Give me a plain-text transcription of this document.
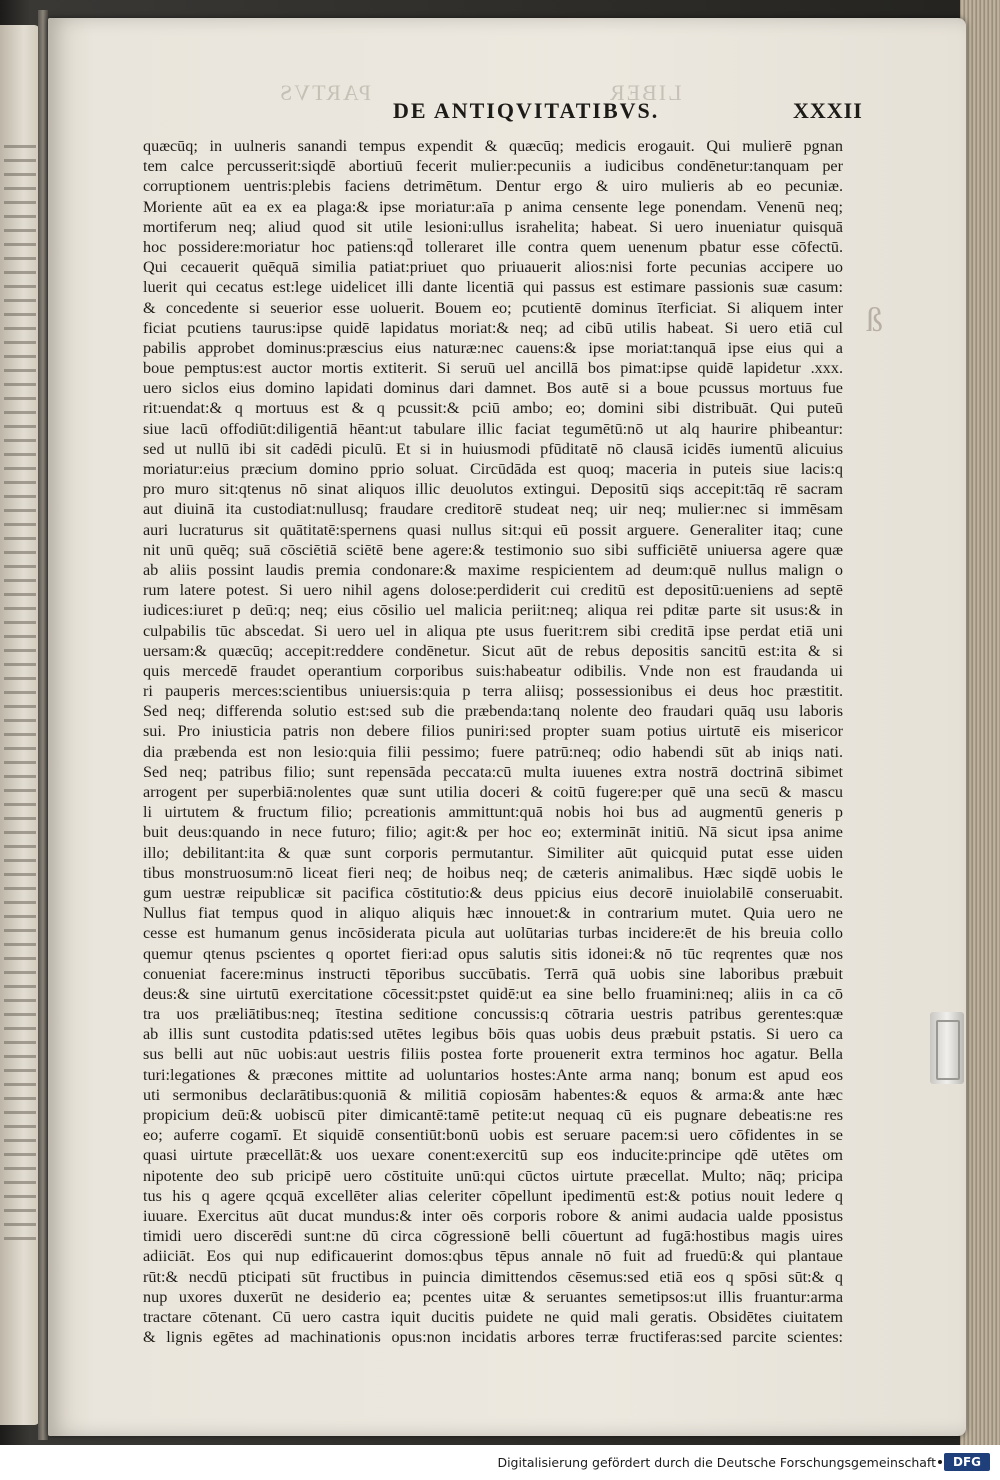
PARTVS	LIBER
DE ANTIQVITATIBVS.	XXXII
quæcūq; in uulneris sanandi tempus expendit & quæcūq; medicis erogauit. Qui mulierē pgnan
tem calce percusserit:siqdē abortiuū fecerit mulier:pecuniis a iudicibus condēnetur:tanquam per
corruptionem uentris:plebis faciens detrimētum. Dentur ergo & uiro mulieris ab eo pecuniæ.
Moriente aūt ea ex ea plaga:& ipse moriatur:aīa p anima censente lege ponendam. Venenū neq;
mortiferum neq; aliud quod sit utile lesioni:ullus israhelita; habeat. Si uero inueniatur quisquā
hoc possidere:moriatur hoc patiens:qd̄ tolleraret ille contra quem uenenum pbatur esse cōfectū.
Qui cecauerit quēquā similia patiat:priuet quo priuauerit alios:nisi forte pecunias accipere uo
luerit qui cecatus est:lege uidelicet illi dante licentiā qui passus est estimare passionis suæ casum:
& concedente si seuerior esse uoluerit. Bouem eo; pcutientē dominus īterficiat. Si aliquem inter
ficiat pcutiens taurus:ipse quidē lapidatus moriat:& neq; ad cibū utilis habeat. Si uero etiā cul
pabilis approbet dominus:præscius eius naturæ:nec cauens:& ipse moriat:tanquā ipse eius qui a
boue pemptus:est auctor mortis extiterit. Si seruū uel ancillā bos pimat:ipse quidē lapidetur .xxx.
uero siclos eius domino lapidati dominus dari damnet. Bos autē si a boue pcussus mortuus fue
rit:uendat:& q mortuus est & q pcussit:& pciū ambo; eo; domini sibi distribuāt. Qui puteū
siue lacū offodiūt:diligentiā hēant:ut tabulare illic faciat tegumētū:nō ut alq haurire phibeantur:
sed ut nullū ibi sit cadēdi piculū. Et si in huiusmodi pfūditatē nō clausā icidēs iumentū alicuius
moriatur:eius præcium domino pprio soluat. Circūdāda est quoq; maceria in puteis siue lacis:q
pro muro sit:qtenus nō sinat aliquos illic deuolutos extingui. Depositū siqs accepit:tāq rē sacram
aut diuinā ita custodiat:nullusq; fraudare creditorē studeat neq; uir neq; mulier:nec si immēsam
auri lucraturus sit quātitatē:spernens quasi nullus sit:qui eū possit arguere. Generaliter itaq; cune
nit unū quēq; suā cōsciētiā sciētē bene agere:& testimonio suo sibi sufficiētē uniuersa agere quæ
ab aliis possint laudis premia condonare:& maxime respicientem ad deum:quē nullus malign o
rum latere potest. Si uero nihil agens dolose:perdiderit cui creditū est depositū:ueniens ad septē
iudices:iuret p deū:q; neq; eius cōsilio uel malicia periit:neq; aliqua rei pditæ parte sit usus:& in
culpabilis tūc abscedat. Si uero uel in aliqua pte usus fuerit:rem sibi creditā ipse perdat etiā uni
uersam:& quæcūq; accepit:reddere condēnetur. Sicut aūt de rebus depositis sancitū est:ita & si
quis mercedē fraudet operantium corporibus suis:habeatur odibilis. Vnde non est fraudanda ui
ri pauperis merces:scientibus uniuersis:quia p terra aliisq; possessionibus ei deus hoc præstitit.
Sed neq; differenda solutio est:sed sub die præbenda:tanq nolente deo fraudari quāq usu laboris
sui. Pro iniusticia patris non debere filios puniri:sed propter suam potius uirtutē eis misericor
dia præbenda est non lesio:quia filii pessimo; fuere patrū:neq; odio habendi sūt ab iniqs nati.
Sed neq; patribus filio; sunt repensāda peccata:cū multa iuuenes extra nostrā doctrinā sibimet
arrogent per superbiā:nolentes quæ sunt utilia doceri & coitū fugere:per quē una secū & mascu
li uirtutem & fructum filio; pcreationis ammittunt:quā nobis hoi bus ad augmentū generis p
buit deus:quando in nece futuro; filio; agit:& per hoc eo; extermināt initiū. Nā sicut ipsa anime
illo; debilitant:ita & quæ sunt corporis permutantur. Similiter aūt quicquid putat esse uiden
tibus monstruosum:nō liceat fieri neq; de hoibus neq; de cæteris animalibus. Hæc siqdē uobis le
gum uestræ reipublicæ sit pacifica cōstitutio:& deus ppicius eius decorē inuiolabilē conseruabit.
Nullus fiat tempus quod in aliquo aliquis hæc innouet:& in contrarium mutet. Quia uero ne
cesse est humanum genus incōsiderata picula aut uolūtarias turbas incidere:ēt de his breuia collo
quemur qtenus pscientes q oportet fieri:ad opus salutis sitis idonei:& nō tūc reqrentes quæ nos
conueniat facere:minus instructi tēporibus succūbatis. Terrā quā uobis sine laboribus præbuit
deus:& sine uirtutū exercitatione cōcessit:pstet quidē:ut ea sine bello fruamini:neq; aliis in ca cō
tra uos præliātibus:neq; ītestina seditione concussis:q cōtraria uestris patribus gerentes:quæ
ab illis sunt custodita pdatis:sed utētes legibus bōis quas uobis deus præbuit pstatis. Si uero ca
sus belli aut nūc uobis:aut uestris filiis postea forte prouenerit extra terminos hoc agatur. Bella
turi:legationes & præcones mittite ad uoluntarios hostes:Ante arma nanq; bonum est apud eos
uti sermonibus declarātibus:quoniā & militiā copiosām habentes:& equos & arma:& ante hæc
propicium deū:& uobiscū piter dimicantē:tamē petite:ut nequaq cū eis pugnare debeatis:ne res
eo; auferre cogamī. Et siquidē consentiūt:bonū uobis est seruare pacem:si uero cōfidentes in se
quasi uirtute præcellāt:& uos uexare conent:exercitū sup eos inducite:principe qdē utētes om
nipotente deo sub pricipē uero cōstituite unū:qui cūctos uirtute præcellat. Multo; nāq; pricipa
tus his q agere qcquā excellēter alias celeriter cōpellunt ipedimentū est:& potius nouit ledere q
iuuare. Exercitus aūt ducat mundus:& inter oēs corporis robore & animi audacia ualde pposistus
timidi uero discerēdi sunt:ne dū circa cōgressionē belli cōuertunt ad fugā:hostibus magis uires
adiiciāt. Eos qui nup edificauerint domos:qbus tēpus annale nō fuit ad fruedū:& qui plantaue
rūt:& necdū pticipati sūt fructibus in puincia dimittendos cēsemus:sed etiā eos q spōsi sūt:& q
nup uxores duxerūt ne desiderio ea; pcentes uitæ & seruantes semetipsos:ut illis fruantur:arma
tractare cōtenant. Cū uero castra iquit ducitis puidete ne quid mali geratis. Obsidētes ciuitatem
& lignis egētes ad machinationis opus:non incidatis arbores terræ fructiferas:sed parcite scientes:
ß
Digitalisierung gefördert durch die Deutsche Forschungsgemeinschaft	DFG
